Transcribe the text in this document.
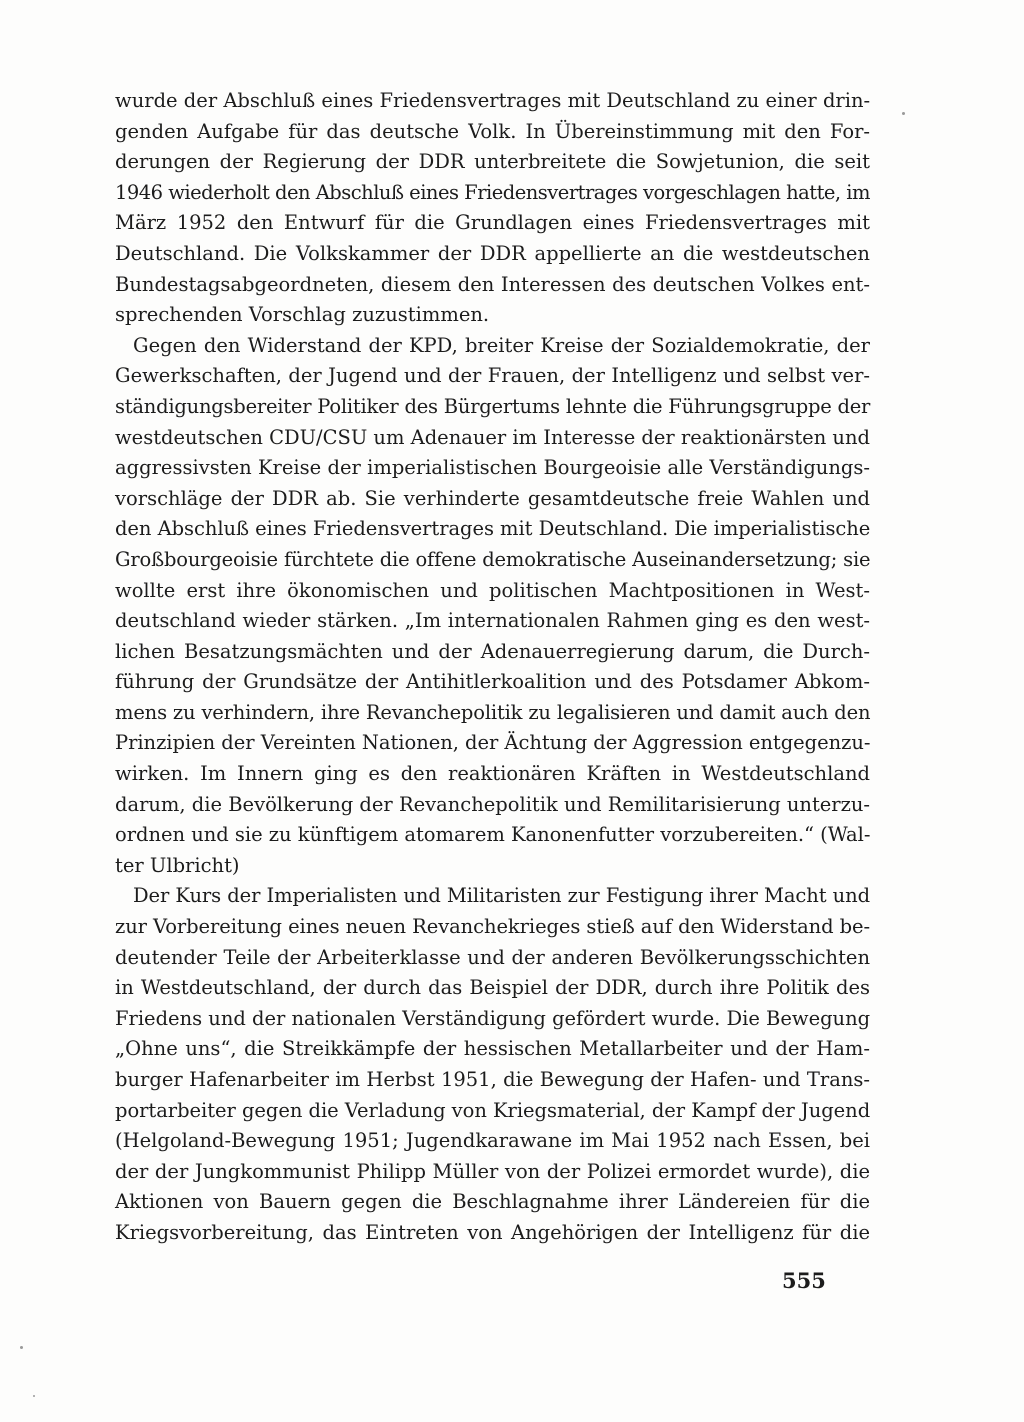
wurde der Abschluß eines Friedensvertrages mit Deutschland zu einer drin-
genden Aufgabe für das deutsche Volk. In Übereinstimmung mit den For-
derungen der Regierung der DDR unterbreitete die Sowjetunion, die seit
1946 wiederholt den Abschluß eines Friedensvertrages vorgeschlagen hatte, im
März 1952 den Entwurf für die Grundlagen eines Friedensvertrages mit
Deutschland. Die Volkskammer der DDR appellierte an die westdeutschen
Bundestagsabgeordneten, diesem den Interessen des deutschen Volkes ent-
sprechenden Vorschlag zuzustimmen.
Gegen den Widerstand der KPD, breiter Kreise der Sozialdemokratie, der
Gewerkschaften, der Jugend und der Frauen, der Intelligenz und selbst ver-
ständigungsbereiter Politiker des Bürgertums lehnte die Führungsgruppe der
westdeutschen CDU/CSU um Adenauer im Interesse der reaktionärsten und
aggressivsten Kreise der imperialistischen Bourgeoisie alle Verständigungs-
vorschläge der DDR ab. Sie verhinderte gesamtdeutsche freie Wahlen und
den Abschluß eines Friedensvertrages mit Deutschland. Die imperialistische
Großbourgeoisie fürchtete die offene demokratische Auseinandersetzung; sie
wollte erst ihre ökonomischen und politischen Machtpositionen in West-
deutschland wieder stärken. „Im internationalen Rahmen ging es den west-
lichen Besatzungsmächten und der Adenauerregierung darum, die Durch-
führung der Grundsätze der Antihitlerkoalition und des Potsdamer Abkom-
mens zu verhindern, ihre Revanchepolitik zu legalisieren und damit auch den
Prinzipien der Vereinten Nationen, der Ächtung der Aggression entgegenzu-
wirken. Im Innern ging es den reaktionären Kräften in Westdeutschland
darum, die Bevölkerung der Revanchepolitik und Remilitarisierung unterzu-
ordnen und sie zu künftigem atomarem Kanonenfutter vorzubereiten.“ (Wal-
ter Ulbricht)
Der Kurs der Imperialisten und Militaristen zur Festigung ihrer Macht und
zur Vorbereitung eines neuen Revanchekrieges stieß auf den Widerstand be-
deutender Teile der Arbeiterklasse und der anderen Bevölkerungsschichten
in Westdeutschland, der durch das Beispiel der DDR, durch ihre Politik des
Friedens und der nationalen Verständigung gefördert wurde. Die Bewegung
„Ohne uns“, die Streikkämpfe der hessischen Metallarbeiter und der Ham-
burger Hafenarbeiter im Herbst 1951, die Bewegung der Hafen- und Trans-
portarbeiter gegen die Verladung von Kriegsmaterial, der Kampf der Jugend
(Helgoland-Bewegung 1951; Jugendkarawane im Mai 1952 nach Essen, bei
der der Jungkommunist Philipp Müller von der Polizei ermordet wurde), die
Aktionen von Bauern gegen die Beschlagnahme ihrer Ländereien für die
Kriegsvorbereitung, das Eintreten von Angehörigen der Intelligenz für die
555
